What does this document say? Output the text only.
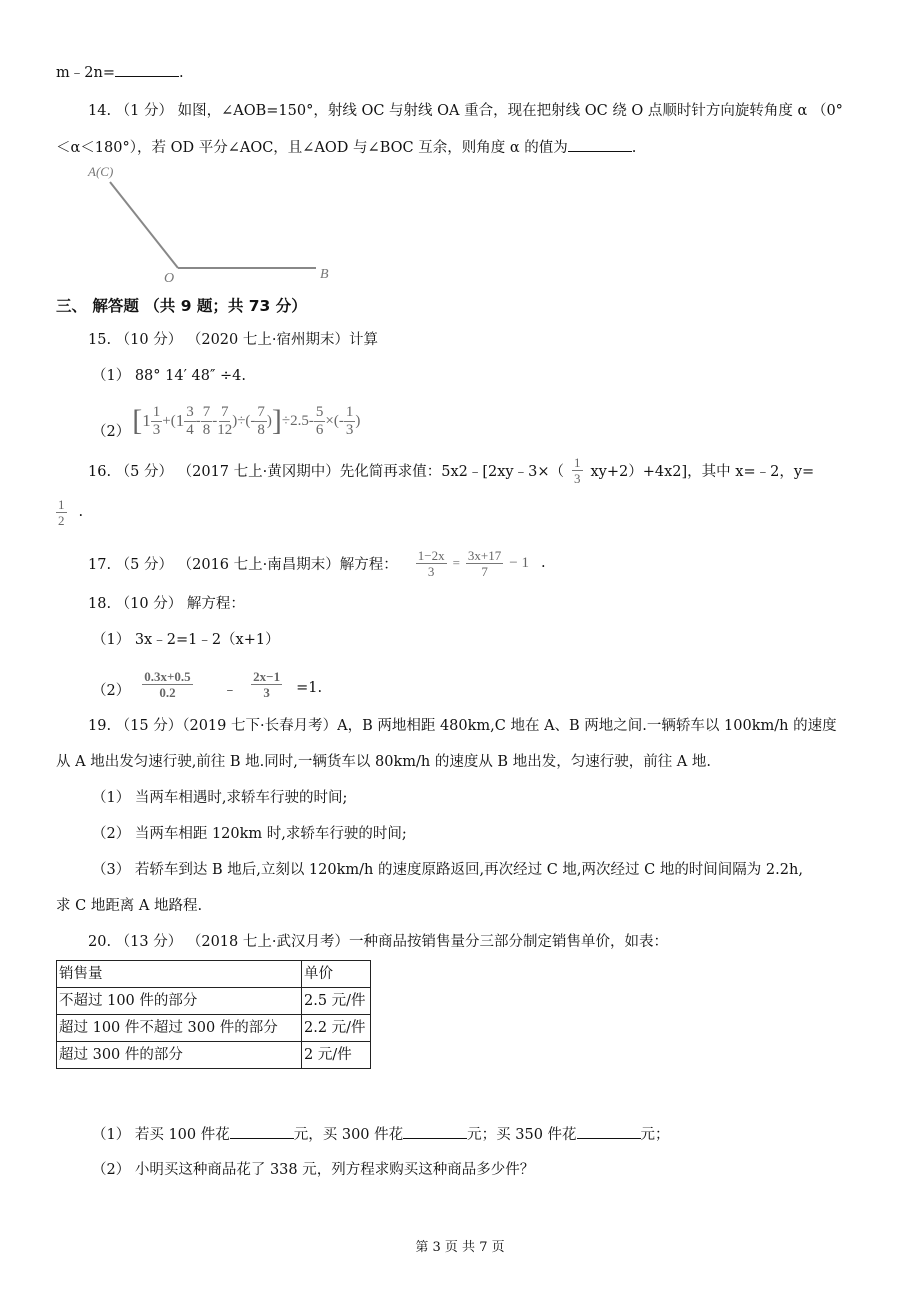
m﹣2n=	.
14. （1 分） 如图，∠AOB=150°，射线 OC 与射线 OA 重合，现在把射线 OC 绕 O 点顺时针方向旋转角度 α （0°
＜α＜180°），若 OD 平分∠AOC，且∠AOD 与∠BOC 互余，则角度 α 的值为	.
A(C)
O	B
三、 解答题 （共 9 题；共 73 分）
15. （10 分） （2020 七上·宿州期末）计算
（1） 88° 14′ 48″ ÷4.
（2） [ $1 \frac{1}{3}$ +( $1 \frac{3}{4} - \frac{7}{8} - \frac{7}{12}$ )÷(- $\frac{7}{8}$ ) ] ÷ $2.5 - \frac{5}{6}$ ×(- $\frac{1}{3}$ )
16. （5 分） （2017 七上·黄冈期中）先化简再求值：5x2﹣[2xy﹣3×（ $\frac{1}{3} xy+2)+4x2$]，其中 x=﹣2，y=
$\frac{1}{2}$ .
17. （5 分） （2016 七上·南昌期末）解方程： $\frac{1-2x}{3} = \frac{3x+17}{7} - 1$ .
18. （10 分） 解方程：
（1） 3x﹣2=1﹣2（x+1）
$(2) \frac{0.3x+0.5}{0.2}$ ﹣ $\frac{2x-1}{3} =1$.
19. （15 分）（2019 七下·长春月考）A，B 两地相距 480km,C 地在 A、B 两地之间.一辆轿车以 100km/h 的速度
从 A 地出发匀速行驶,前往 B 地.同时,一辆货车以 80km/h 的速度从 B 地出发，匀速行驶，前往 A 地.
（1） 当两车相遇时,求轿车行驶的时间;
（2） 当两车相距 120km 时,求轿车行驶的时间;
（3） 若轿车到达 B 地后,立刻以 120km/h 的速度原路返回,再次经过 C 地,两次经过 C 地的时间间隔为 2.2h,
求 C 地距离 A 地路程.
20. （13 分） （2018 七上·武汉月考）一种商品按销售量分三部分制定销售单价，如表：
销售量	单价
不超过 100 件的部分	2.5 元/件
超过 100 件不超过 300 件的部分	2.2 元/件
超过 300 件的部分	2 元/件
（1） 若买 100 件花	元，买 300 件花	元；买 350 件花	元；
（2） 小明买这种商品花了 338 元，列方程求购买这种商品多少件？
第 3 页 共 7 页
